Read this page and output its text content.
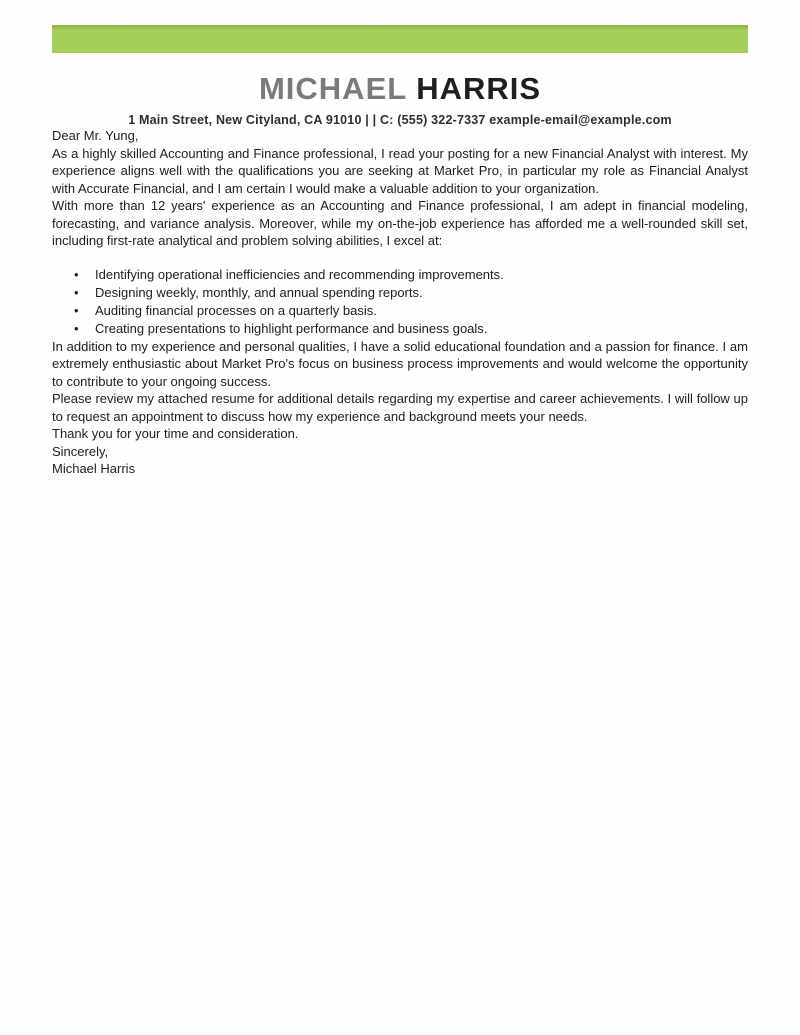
MICHAEL HARRIS
1 Main Street, New Cityland, CA 91010 | | C: (555) 322-7337 example-email@example.com

Dear Mr. Yung,

As a highly skilled Accounting and Finance professional, I read your posting for a new Financial Analyst with interest. My experience aligns well with the qualifications you are seeking at Market Pro, in particular my role as Financial Analyst with Accurate Financial, and I am certain I would make a valuable addition to your organization.

With more than 12 years' experience as an Accounting and Finance professional, I am adept in financial modeling, forecasting, and variance analysis. Moreover, while my on-the-job experience has afforded me a well-rounded skill set, including first-rate analytical and problem solving abilities, I excel at:

• Identifying operational inefficiencies and recommending improvements.
• Designing weekly, monthly, and annual spending reports.
• Auditing financial processes on a quarterly basis.
• Creating presentations to highlight performance and business goals.

In addition to my experience and personal qualities, I have a solid educational foundation and a passion for finance. I am extremely enthusiastic about Market Pro's focus on business process improvements and would welcome the opportunity to contribute to your ongoing success.

Please review my attached resume for additional details regarding my expertise and career achievements. I will follow up to request an appointment to discuss how my experience and background meets your needs.

Thank you for your time and consideration.

Sincerely,

Michael Harris
